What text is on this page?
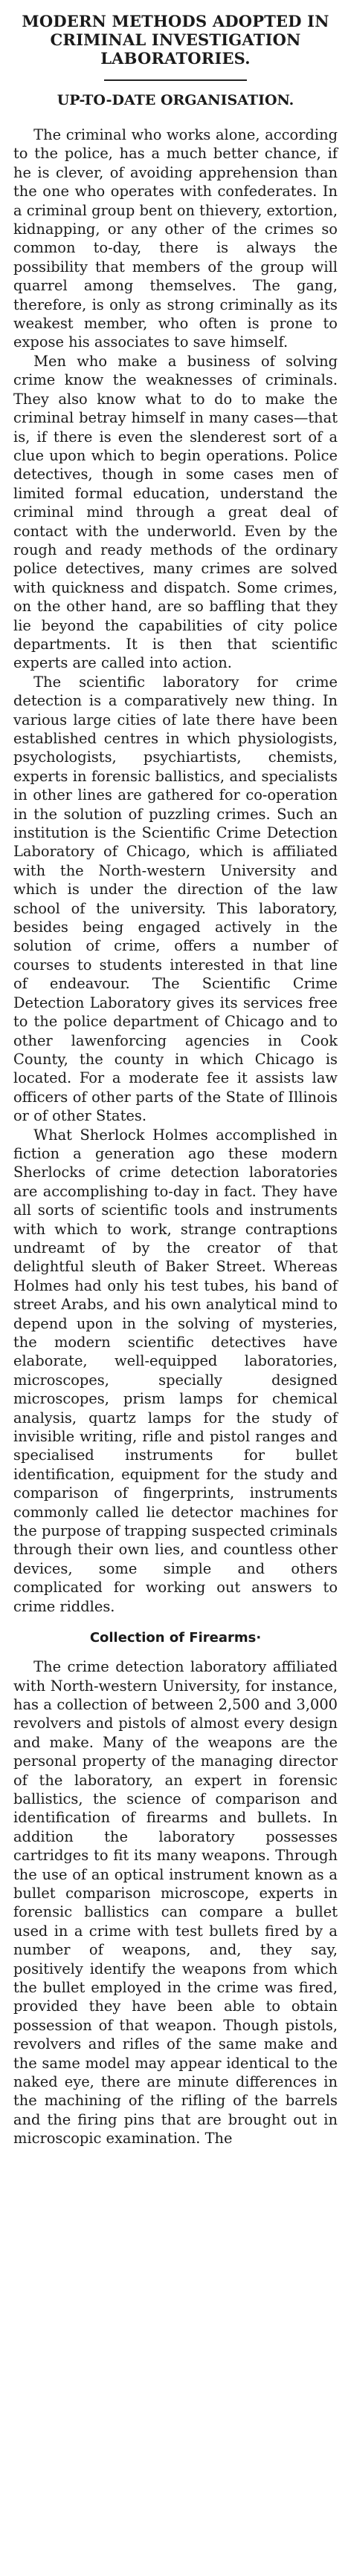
MODERN METHODS ADOPTED IN CRIMINAL INVESTIGATION LABORATORIES.
UP-TO-DATE ORGANISATION.

The criminal who works alone, according to the police, has a much better chance, if he is clever, of avoiding apprehension than the one who operates with confederates. In a criminal group bent on thievery, extortion, kidnapping, or any other of the crimes so common to-day, there is always the possibility that members of the group will quarrel among themselves. The gang, therefore, is only as strong criminally as its weakest member, who often is prone to expose his associates to save himself.

Men who make a business of solving crime know the weaknesses of criminals. They also know what to do to make the criminal betray himself in many cases—that is, if there is even the slenderest sort of a clue upon which to begin operations. Police detectives, though in some cases men of limited formal education, understand the criminal mind through a great deal of contact with the underworld. Even by the rough and ready methods of the ordinary police detectives, many crimes are solved with quickness and dispatch. Some crimes, on the other hand, are so baffling that they lie beyond the capabilities of city police departments. It is then that scientific experts are called into action.

The scientific laboratory for crime detection is a comparatively new thing. In various large cities of late there have been established centres in which physiologists, psychologists, psychiartists, chemists, experts in forensic ballistics, and specialists in other lines are gathered for co-operation in the solution of puzzling crimes. Such an institution is the Scientific Crime Detection Laboratory of Chicago, which is affiliated with the North-western University and which is under the direction of the law school of the university. This laboratory, besides being engaged actively in the solution of crime, offers a number of courses to students interested in that line of endeavour. The Scientific Crime Detection Laboratory gives its services free to the police department of Chicago and to other lawenforcing agencies in Cook County, the county in which Chicago is located. For a moderate fee it assists law officers of other parts of the State of Illinois or of other States.

What Sherlock Holmes accomplished in fiction a generation ago these modern Sherlocks of crime detection laboratories are accomplishing to-day in fact. They have all sorts of scientific tools and instruments with which to work, strange contraptions undreamt of by the creator of that delightful sleuth of Baker Street. Whereas Holmes had only his test tubes, his band of street Arabs, and his own analytical mind to depend upon in the solving of mysteries, the modern scientific detectives have elaborate, well-equipped laboratories, microscopes, specially designed microscopes, prism lamps for chemical analysis, quartz lamps for the study of invisible writing, rifle and pistol ranges and specialised instruments for bullet identification, equipment for the study and comparison of fingerprints, instruments commonly called lie detector machines for the purpose of trapping suspected criminals through their own lies, and countless other devices, some simple and others complicated for working out answers to crime riddles.

Collection of Firearms·

The crime detection laboratory affiliated with North-western University, for instance, has a collection of between 2,500 and 3,000 revolvers and pistols of almost every design and make. Many of the weapons are the personal property of the managing director of the laboratory, an expert in forensic ballistics, the science of comparison and identification of firearms and bullets. In addition the laboratory possesses cartridges to fit its many weapons. Through the use of an optical instrument known as a bullet comparison microscope, experts in forensic ballistics can compare a bullet used in a crime with test bullets fired by a number of weapons, and, they say, positively identify the weapons from which the bullet employed in the crime was fired, provided they have been able to obtain possession of that weapon. Though pistols, revolvers and rifles of the same make and the same model may appear identical to the naked eye, there are minute differences in the machining of the rifling of the barrels and the firing pins that are brought out in microscopic examination. The
